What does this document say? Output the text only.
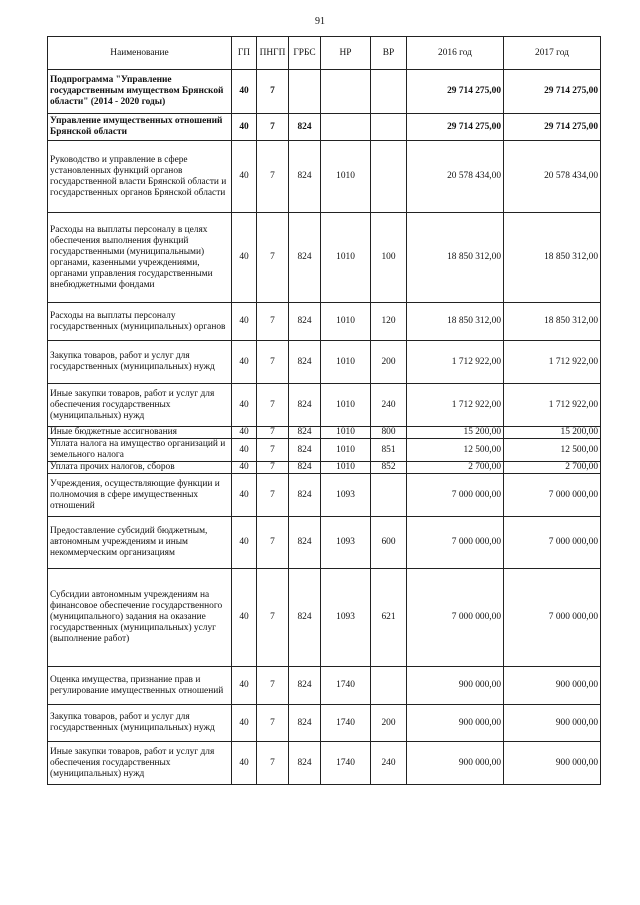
91
Наименование	ГП	ПНГП	ГРБС	НР	ВР	2016 год	2017 год
Подпрограмма "Управление государственным имуществом Брянской области" (2014 - 2020 годы)	40	7				29 714 275,00	29 714 275,00
Управление имущественных отношений Брянской области	40	7	824			29 714 275,00	29 714 275,00
Руководство и управление в сфере установленных функций органов государственной власти Брянской области и государственных органов Брянской области	40	7	824	1010		20 578 434,00	20 578 434,00
Расходы на выплаты персоналу в целях обеспечения выполнения функций государственными (муниципальными) органами, казенными учреждениями, органами управления государственными внебюджетными фондами	40	7	824	1010	100	18 850 312,00	18 850 312,00
Расходы на выплаты персоналу государственных (муниципальных) органов	40	7	824	1010	120	18 850 312,00	18 850 312,00
Закупка товаров, работ и услуг для государственных (муниципальных) нужд	40	7	824	1010	200	1 712 922,00	1 712 922,00
Иные закупки товаров, работ и услуг для обеспечения государственных (муниципальных) нужд	40	7	824	1010	240	1 712 922,00	1 712 922,00
Иные бюджетные ассигнования	40	7	824	1010	800	15 200,00	15 200,00
Уплата налога на имущество организаций и земельного налога	40	7	824	1010	851	12 500,00	12 500,00
Уплата прочих налогов, сборов	40	7	824	1010	852	2 700,00	2 700,00
Учреждения, осуществляющие функции и полномочия в сфере имущественных отношений	40	7	824	1093		7 000 000,00	7 000 000,00
Предоставление субсидий бюджетным, автономным учреждениям и иным некоммерческим организациям	40	7	824	1093	600	7 000 000,00	7 000 000,00
Субсидии автономным учреждениям на финансовое обеспечение государственного (муниципального) задания на оказание государственных (муниципальных) услуг (выполнение работ)	40	7	824	1093	621	7 000 000,00	7 000 000,00
Оценка имущества, признание прав и регулирование имущественных отношений	40	7	824	1740		900 000,00	900 000,00
Закупка товаров, работ и услуг для государственных (муниципальных) нужд	40	7	824	1740	200	900 000,00	900 000,00
Иные закупки товаров, работ и услуг для обеспечения государственных (муниципальных) нужд	40	7	824	1740	240	900 000,00	900 000,00
